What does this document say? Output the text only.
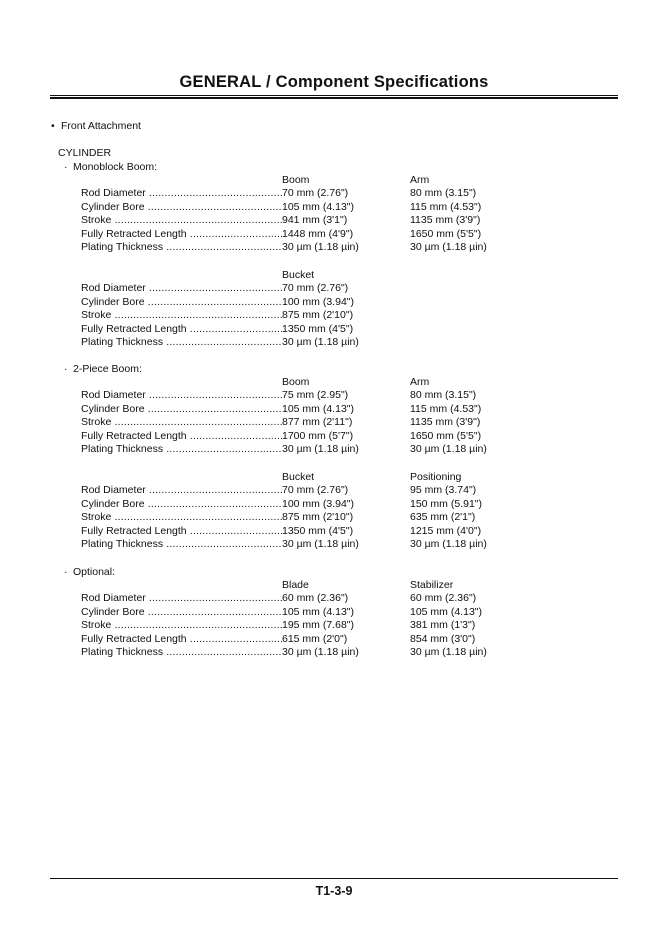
GENERAL / Component Specifications
• Front Attachment
CYLINDER
· Monoblock Boom:
Boom	Arm
Rod Diameter .....	70 mm (2.76")	80 mm (3.15")
Cylinder Bore .....	105 mm (4.13")	115 mm (4.53")
Stroke .....	941 mm (3'1")	1135 mm (3'9")
Fully Retracted Length .....	1448 mm (4'9")	1650 mm (5'5")
Plating Thickness .....	30 µm (1.18 µin)	30 µm (1.18 µin)
Bucket
Rod Diameter .....	70 mm (2.76")
Cylinder Bore .....	100 mm (3.94")
Stroke .....	875 mm (2'10")
Fully Retracted Length .....	1350 mm (4'5")
Plating Thickness .....	30 µm (1.18 µin)
· 2-Piece Boom:
Boom	Arm
Rod Diameter .....	75 mm (2.95")	80 mm (3.15")
Cylinder Bore .....	105 mm (4.13")	115 mm (4.53")
Stroke .....	877 mm (2'11")	1135 mm (3'9")
Fully Retracted Length .....	1700 mm (5'7")	1650 mm (5'5")
Plating Thickness .....	30 µm (1.18 µin)	30 µm (1.18 µin)
Bucket	Positioning
Rod Diameter .....	70 mm (2.76")	95 mm (3.74")
Cylinder Bore .....	100 mm (3.94")	150 mm (5.91")
Stroke .....	875 mm (2'10")	635 mm (2'1")
Fully Retracted Length .....	1350 mm (4'5")	1215 mm (4'0")
Plating Thickness .....	30 µm (1.18 µin)	30 µm (1.18 µin)
· Optional:
Blade	Stabilizer
Rod Diameter .....	60 mm (2.36")	60 mm (2.36")
Cylinder Bore .....	105 mm (4.13")	105 mm (4.13")
Stroke .....	195 mm (7.68")	381 mm (1'3")
Fully Retracted Length .....	615 mm (2'0")	854 mm (3'0")
Plating Thickness .....	30 µm (1.18 µin)	30 µm (1.18 µin)
T1-3-9
